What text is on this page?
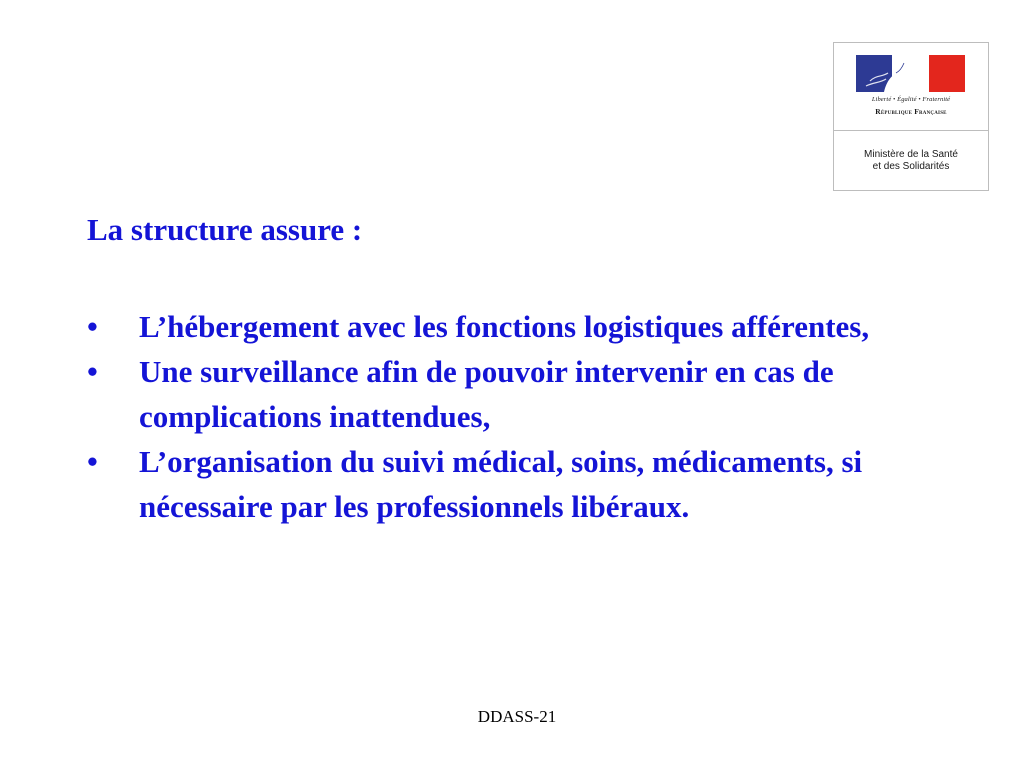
Liberté • Égalité • Fraternité
République Française
Ministère de la Santé
et des Solidarités

La structure assure :

• L’hébergement avec les fonctions logistiques afférentes,
• Une surveillance afin de pouvoir intervenir en cas de complications inattendues,
• L’organisation du suivi médical, soins, médicaments, si nécessaire par les professionnels libéraux.
DDASS-21
